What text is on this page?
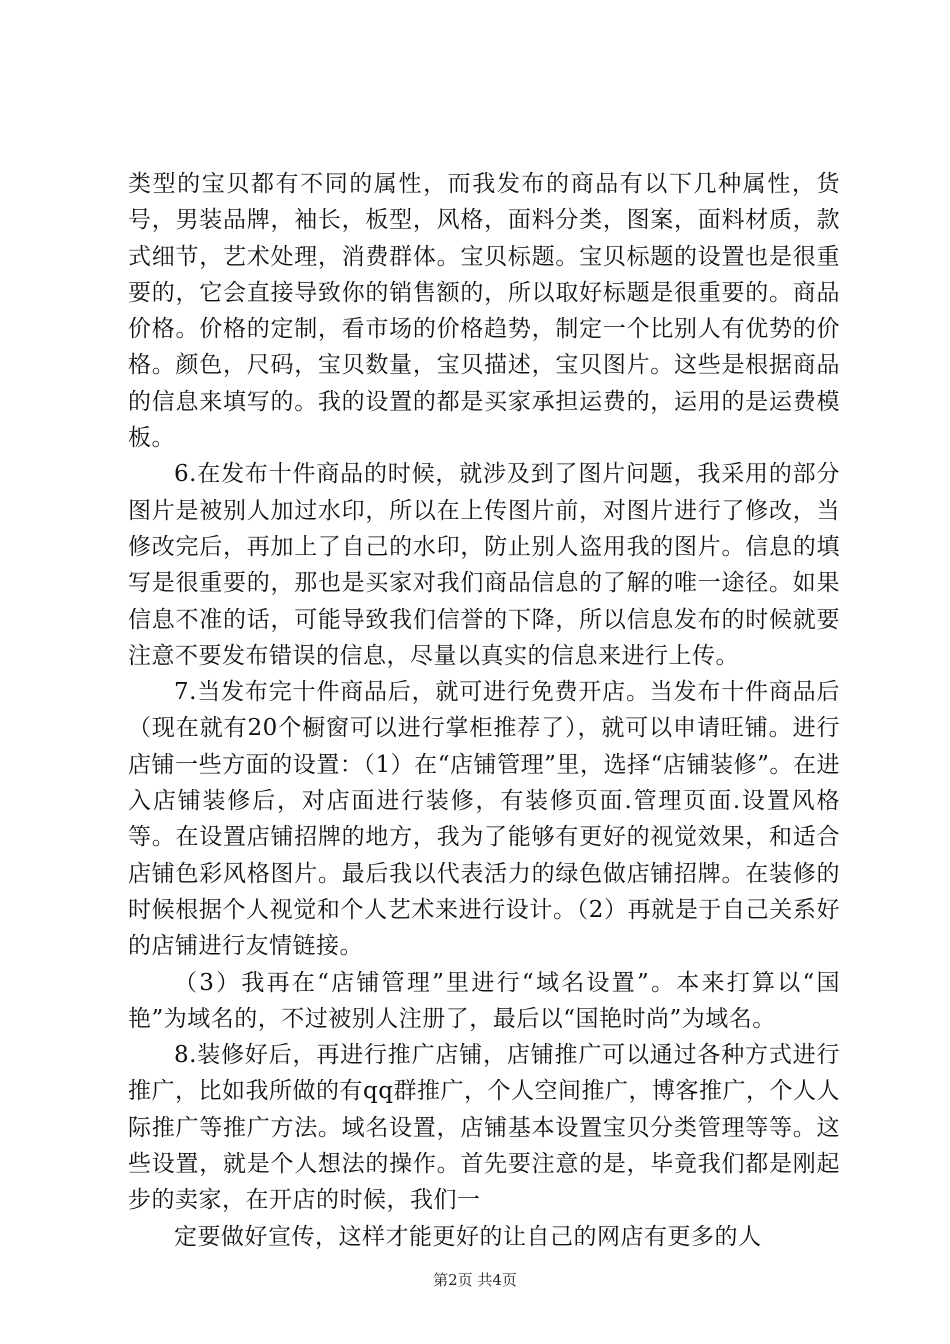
类型的宝贝都有不同的属性，而我发布的商品有以下几种属性，货号，男装品牌，袖长，板型，风格，面料分类，图案，面料材质，款式细节，艺术处理，消费群体。宝贝标题。宝贝标题的设置也是很重要的，它会直接导致你的销售额的，所以取好标题是很重要的。商品价格。价格的定制，看市场的价格趋势，制定一个比别人有优势的价格。颜色，尺码，宝贝数量，宝贝描述，宝贝图片。这些是根据商品的信息来填写的。我的设置的都是买家承担运费的，运用的是运费模板。

6.在发布十件商品的时候，就涉及到了图片问题，我采用的部分图片是被别人加过水印，所以在上传图片前，对图片进行了修改，当修改完后，再加上了自己的水印，防止别人盗用我的图片。信息的填写是很重要的，那也是买家对我们商品信息的了解的唯一途径。如果信息不准的话，可能导致我们信誉的下降，所以信息发布的时候就要注意不要发布错误的信息，尽量以真实的信息来进行上传。

7.当发布完十件商品后，就可进行免费开店。当发布十件商品后（现在就有20个橱窗可以进行掌柜推荐了），就可以申请旺铺。进行店铺一些方面的设置：（1）在“店铺管理”里，选择“店铺装修”。在进入店铺装修后，对店面进行装修，有装修页面.管理页面.设置风格等。在设置店铺招牌的地方，我为了能够有更好的视觉效果，和适合店铺色彩风格图片。最后我以代表活力的绿色做店铺招牌。在装修的时候根据个人视觉和个人艺术来进行设计。（2）再就是于自己关系好的店铺进行友情链接。

（3）我再在“店铺管理”里进行“域名设置”。本来打算以“国艳”为域名的，不过被别人注册了，最后以“国艳时尚”为域名。

8.装修好后，再进行推广店铺，店铺推广可以通过各种方式进行推广，比如我所做的有qq群推广，个人空间推广，博客推广，个人人际推广等推广方法。域名设置，店铺基本设置宝贝分类管理等等。这些设置，就是个人想法的操作。首先要注意的是，毕竟我们都是刚起步的卖家，在开店的时候，我们一

定要做好宣传，这样才能更好的让自己的网店有更多的人

第2页 共4页
